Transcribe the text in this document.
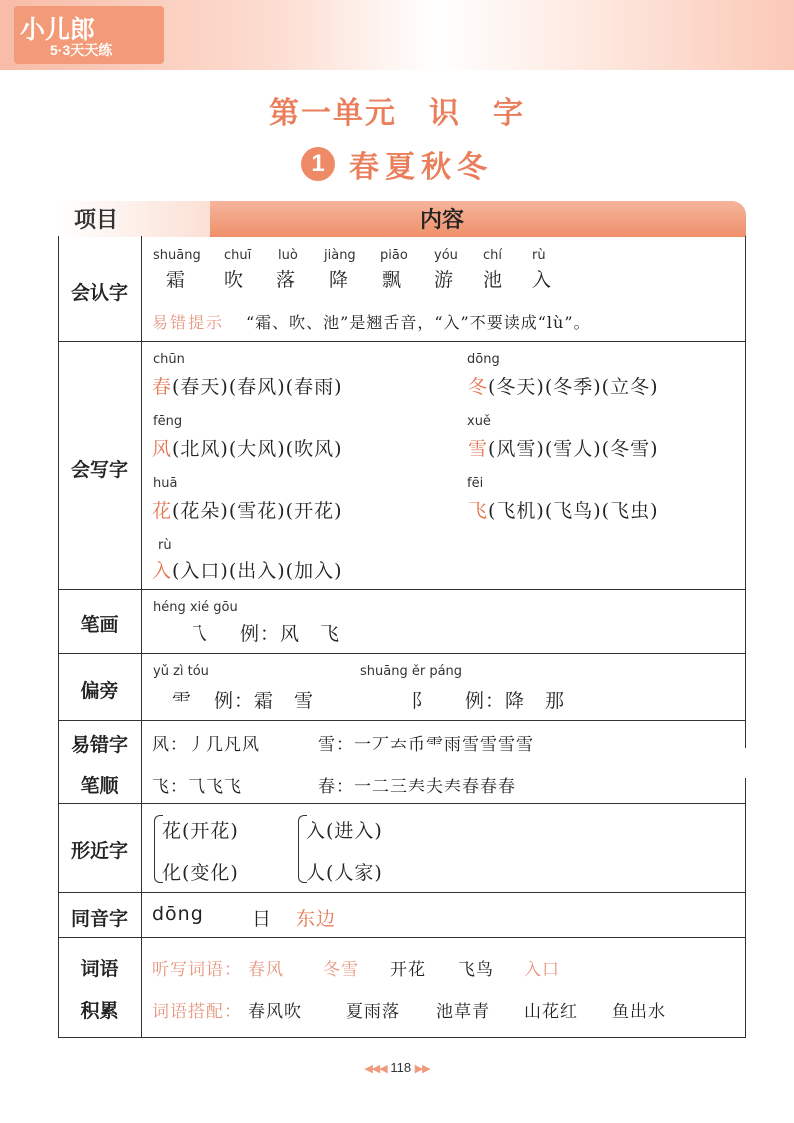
小儿郎
5·3天天练
第一单元　识　字
1 春夏秋冬
项目	内容
会认字
shuāng chuī luò jiàng piāo yóu chí rù
霜 吹 落 降 飘 游 池 入
易错提示 “霜、吹、池”是翘舌音，“入”不要读成“lù”。
会写字
chūn
春(春天)(春风)(春雨)
dōng
冬(冬天)(冬季)(立冬)
fēng
风(北风)(大风)(吹风)
xuě
雪(风雪)(雪人)(冬雪)
huā
花(花朵)(雪花)(开花)
fēi
飞(飞机)(飞鸟)(飞虫)
rù
入(入口)(出入)(加入)
笔画
héng xié gōu
乁 例：风　飞
偏旁
yǔ zì tóu
⻗ 例：霜　雪
shuāng ěr páng
⻏ 例：降　那
易错字
笔顺
风：丿几凡风	雪：一丆𠫓币⻗雨雪雪雪雪
飞：⺄飞飞	春：一二三𡗗夫𡗗春春春
形近字
花(开花)
化(变化)
入(进入)
人(人家)
同音字	dōng	日 东边
词语
积累
听写词语： 春风 冬雪 开花 飞鸟 入口
词语搭配： 春风吹	夏雨落 池草青 山花红 鱼出水
◀◀◀ 118 ▶▶
